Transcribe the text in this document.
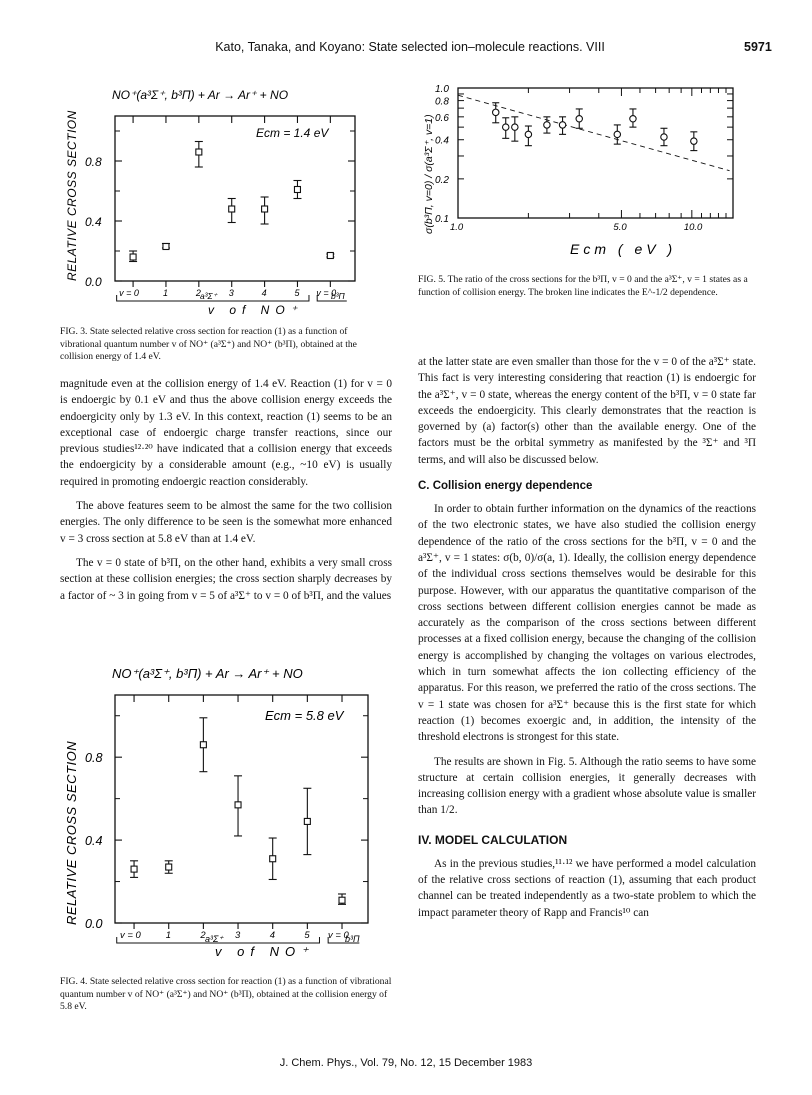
Kato, Tanaka, and Koyano: State selected ion–molecule reactions. VIII	5971
NO⁺(a³Σ⁺, b³Π) + Ar → Ar⁺ + NO
Ecm = 1.4 eV
RELATIVE CROSS SECTION
0.0
0.4
0.8
v = 0	1	2	3	4	5 v = 0
a³Σ⁺	b³Π
v of NO⁺
FIG. 3. State selected relative cross section for reaction (1) as a function of vibrational quantum number v of NO⁺ (a³Σ⁺) and NO⁺ (b³Π), obtained at the collision energy of 1.4 eV.
σ(b³Π, v=0) / σ(a³Σ⁺, v=1) 1.0	5.0	10.0
0.1
0.2
0.4
0.6
0.8
1.0
Ecm ( eV )
FIG. 5. The ratio of the cross sections for the b³Π, v = 0 and the a³Σ⁺, v = 1 states as a function of collision energy. The broken line indicates the E^-1/2 dependence.

magnitude even at the collision energy of 1.4 eV. Reaction (1) for v = 0 is endoergic by 0.1 eV and thus the above collision energy exceeds the endoergicity only by 1.3 eV. In this context, reaction (1) seems to be an exceptional case of endoergic charge transfer reactions, since our previous studies¹²·²⁰ have indicated that a collision energy that exceeds the endoergicity by a considerable amount (e.g., ~10 eV) is usually required in promoting endoergic reaction considerably.

The above features seem to be almost the same for the two collision energies. The only difference to be seen is the somewhat more enhanced v = 3 cross section at 5.8 eV than at 1.4 eV.

The v = 0 state of b³Π, on the other hand, exhibits a very small cross section at these collision energies; the cross section sharply decreases by a factor of ~ 3 in going from v = 5 of a³Σ⁺ to v = 0 of b³Π, and the values

NO⁺(a³Σ⁺, b³Π) + Ar → Ar⁺ + NO
Ecm = 5.8 eV
RELATIVE CROSS SECTION 0.0
0.4
0.8
v = 0	1	2	3	4	5 v = 0
a³Σ⁺	b³Π
v of NO⁺
FIG. 4. State selected relative cross section for reaction (1) as a function of vibrational quantum number v of NO⁺ (a³Σ⁺) and NO⁺ (b³Π), obtained at the collision energy of 5.8 eV.

at the latter state are even smaller than those for the v = 0 of the a³Σ⁺ state. This fact is very interesting considering that reaction (1) is endoergic for the a³Σ⁺, v = 0 state, whereas the energy content of the b³Π, v = 0 state far exceeds the endoergicity. This clearly demonstrates that the reaction is governed by (a) factor(s) other than the available energy. One of the factors must be the orbital symmetry as manifested by the ³Σ⁺ and ³Π terms, and will also be discussed below.

C. Collision energy dependence

In order to obtain further information on the dynamics of the reactions of the two electronic states, we have also studied the collision energy dependence of the ratio of the cross sections for the b³Π, v = 0 and the a³Σ⁺, v = 1 states: σ(b, 0)/σ(a, 1). Ideally, the collision energy dependence of the individual cross sections themselves would be desirable for this purpose. However, with our apparatus the quantitative comparison of the cross sections between different collision energies cannot be made as accurately as the comparison of the cross sections between different processes at a fixed collision energy, because the changing of the collision energy is accomplished by changing the voltages on various electrodes, which in turn somewhat affects the ion collecting efficiency of the apparatus. For this reason, we preferred the ratio of the cross sections. The v = 1 state was chosen for a³Σ⁺ because this is the first state for which reaction (1) becomes exoergic and, in addition, the intensity of the threshold electrons is strongest for this state.

The results are shown in Fig. 5. Although the ratio seems to have some structure at certain collision energies, it generally decreases with increasing collision energy with a gradient whose absolute value is smaller than 1/2.

IV. MODEL CALCULATION

As in the previous studies,¹¹·¹² we have performed a model calculation of the relative cross sections of reaction (1), assuming that each product channel can be treated independently as a two-state problem to which the impact parameter theory of Rapp and Francis¹⁰ can

J. Chem. Phys., Vol. 79, No. 12, 15 December 1983
